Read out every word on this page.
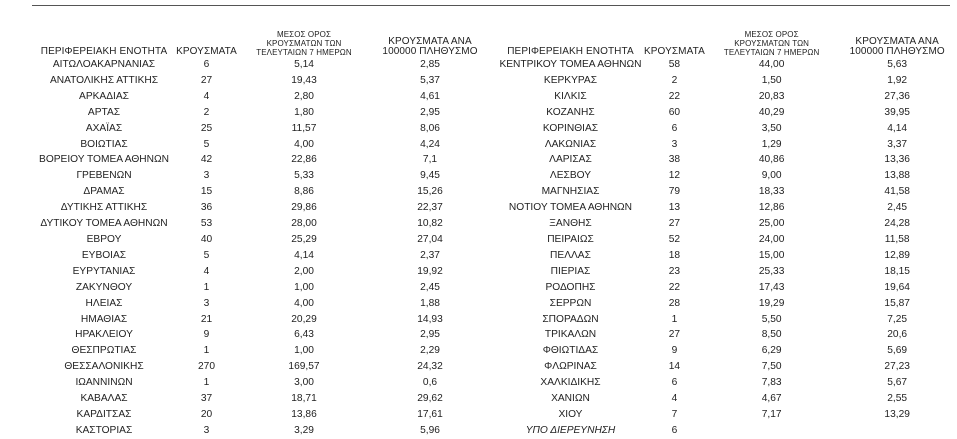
ΠΕΡΙΦΕΡΕΙΑΚΗ ΕΝΟΤΗΤΑ	ΚΡΟΥΣΜΑΤΑ	ΜΕΣΟΣ ΟΡΟΣ
ΚΡΟΥΣΜΑΤΩΝ ΤΩΝ
ΤΕΛΕΥΤΑΙΩΝ 7 ΗΜΕΡΩΝ	ΚΡΟΥΣΜΑΤΑ ΑΝΑ
100000 ΠΛΗΘΥΣΜΟ
ΑΙΤΩΛΟΑΚΑΡΝΑΝΙΑΣ	6	5,14	2,85
ΑΝΑΤΟΛΙΚΗΣ ΑΤΤΙΚΗΣ	27	19,43	5,37
ΑΡΚΑΔΙΑΣ	4	2,80	4,61
ΑΡΤΑΣ	2	1,80	2,95
ΑΧΑΪΑΣ	25	11,57	8,06
ΒΟΙΩΤΙΑΣ	5	4,00	4,24
ΒΟΡΕΙΟΥ ΤΟΜΕΑ ΑΘΗΝΩΝ	42	22,86	7,1
ΓΡΕΒΕΝΩΝ	3	5,33	9,45
ΔΡΑΜΑΣ	15	8,86	15,26
ΔΥΤΙΚΗΣ ΑΤΤΙΚΗΣ	36	29,86	22,37
ΔΥΤΙΚΟΥ ΤΟΜΕΑ ΑΘΗΝΩΝ	53	28,00	10,82
ΕΒΡΟΥ	40	25,29	27,04
ΕΥΒΟΙΑΣ	5	4,14	2,37
ΕΥΡΥΤΑΝΙΑΣ	4	2,00	19,92
ΖΑΚΥΝΘΟΥ	1	1,00	2,45
ΗΛΕΙΑΣ	3	4,00	1,88
ΗΜΑΘΙΑΣ	21	20,29	14,93
ΗΡΑΚΛΕΙΟΥ	9	6,43	2,95
ΘΕΣΠΡΩΤΙΑΣ	1	1,00	2,29
ΘΕΣΣΑΛΟΝΙΚΗΣ	270	169,57	24,32
ΙΩΑΝΝΙΝΩΝ	1	3,00	0,6
ΚΑΒΑΛΑΣ	37	18,71	29,62
ΚΑΡΔΙΤΣΑΣ	20	13,86	17,61
ΚΑΣΤΟΡΙΑΣ	3	3,29	5,96
ΠΕΡΙΦΕΡΕΙΑΚΗ ΕΝΟΤΗΤΑ	ΚΡΟΥΣΜΑΤΑ	ΜΕΣΟΣ ΟΡΟΣ
ΚΡΟΥΣΜΑΤΩΝ ΤΩΝ
ΤΕΛΕΥΤΑΙΩΝ 7 ΗΜΕΡΩΝ	ΚΡΟΥΣΜΑΤΑ ΑΝΑ
100000 ΠΛΗΘΥΣΜΟ
ΚΕΝΤΡΙΚΟΥ ΤΟΜΕΑ ΑΘΗΝΩΝ	58	44,00	5,63
ΚΕΡΚΥΡΑΣ	2	1,50	1,92
ΚΙΛΚΙΣ	22	20,83	27,36
ΚΟΖΑΝΗΣ	60	40,29	39,95
ΚΟΡΙΝΘΙΑΣ	6	3,50	4,14
ΛΑΚΩΝΙΑΣ	3	1,29	3,37
ΛΑΡΙΣΑΣ	38	40,86	13,36
ΛΕΣΒΟΥ	12	9,00	13,88
ΜΑΓΝΗΣΙΑΣ	79	18,33	41,58
ΝΟΤΙΟΥ ΤΟΜΕΑ ΑΘΗΝΩΝ	13	12,86	2,45
ΞΑΝΘΗΣ	27	25,00	24,28
ΠΕΙΡΑΙΩΣ	52	24,00	11,58
ΠΕΛΛΑΣ	18	15,00	12,89
ΠΙΕΡΙΑΣ	23	25,33	18,15
ΡΟΔΟΠΗΣ	22	17,43	19,64
ΣΕΡΡΩΝ	28	19,29	15,87
ΣΠΟΡΑΔΩΝ	1	5,50	7,25
ΤΡΙΚΑΛΩΝ	27	8,50	20,6
ΦΘΙΩΤΙΔΑΣ	9	6,29	5,69
ΦΛΩΡΙΝΑΣ	14	7,50	27,23
ΧΑΛΚΙΔΙΚΗΣ	6	7,83	5,67
ΧΑΝΙΩΝ	4	4,67	2,55
ΧΙΟΥ	7	7,17	13,29
ΥΠΟ ΔΙΕΡΕΥΝΗΣΗ	6		
